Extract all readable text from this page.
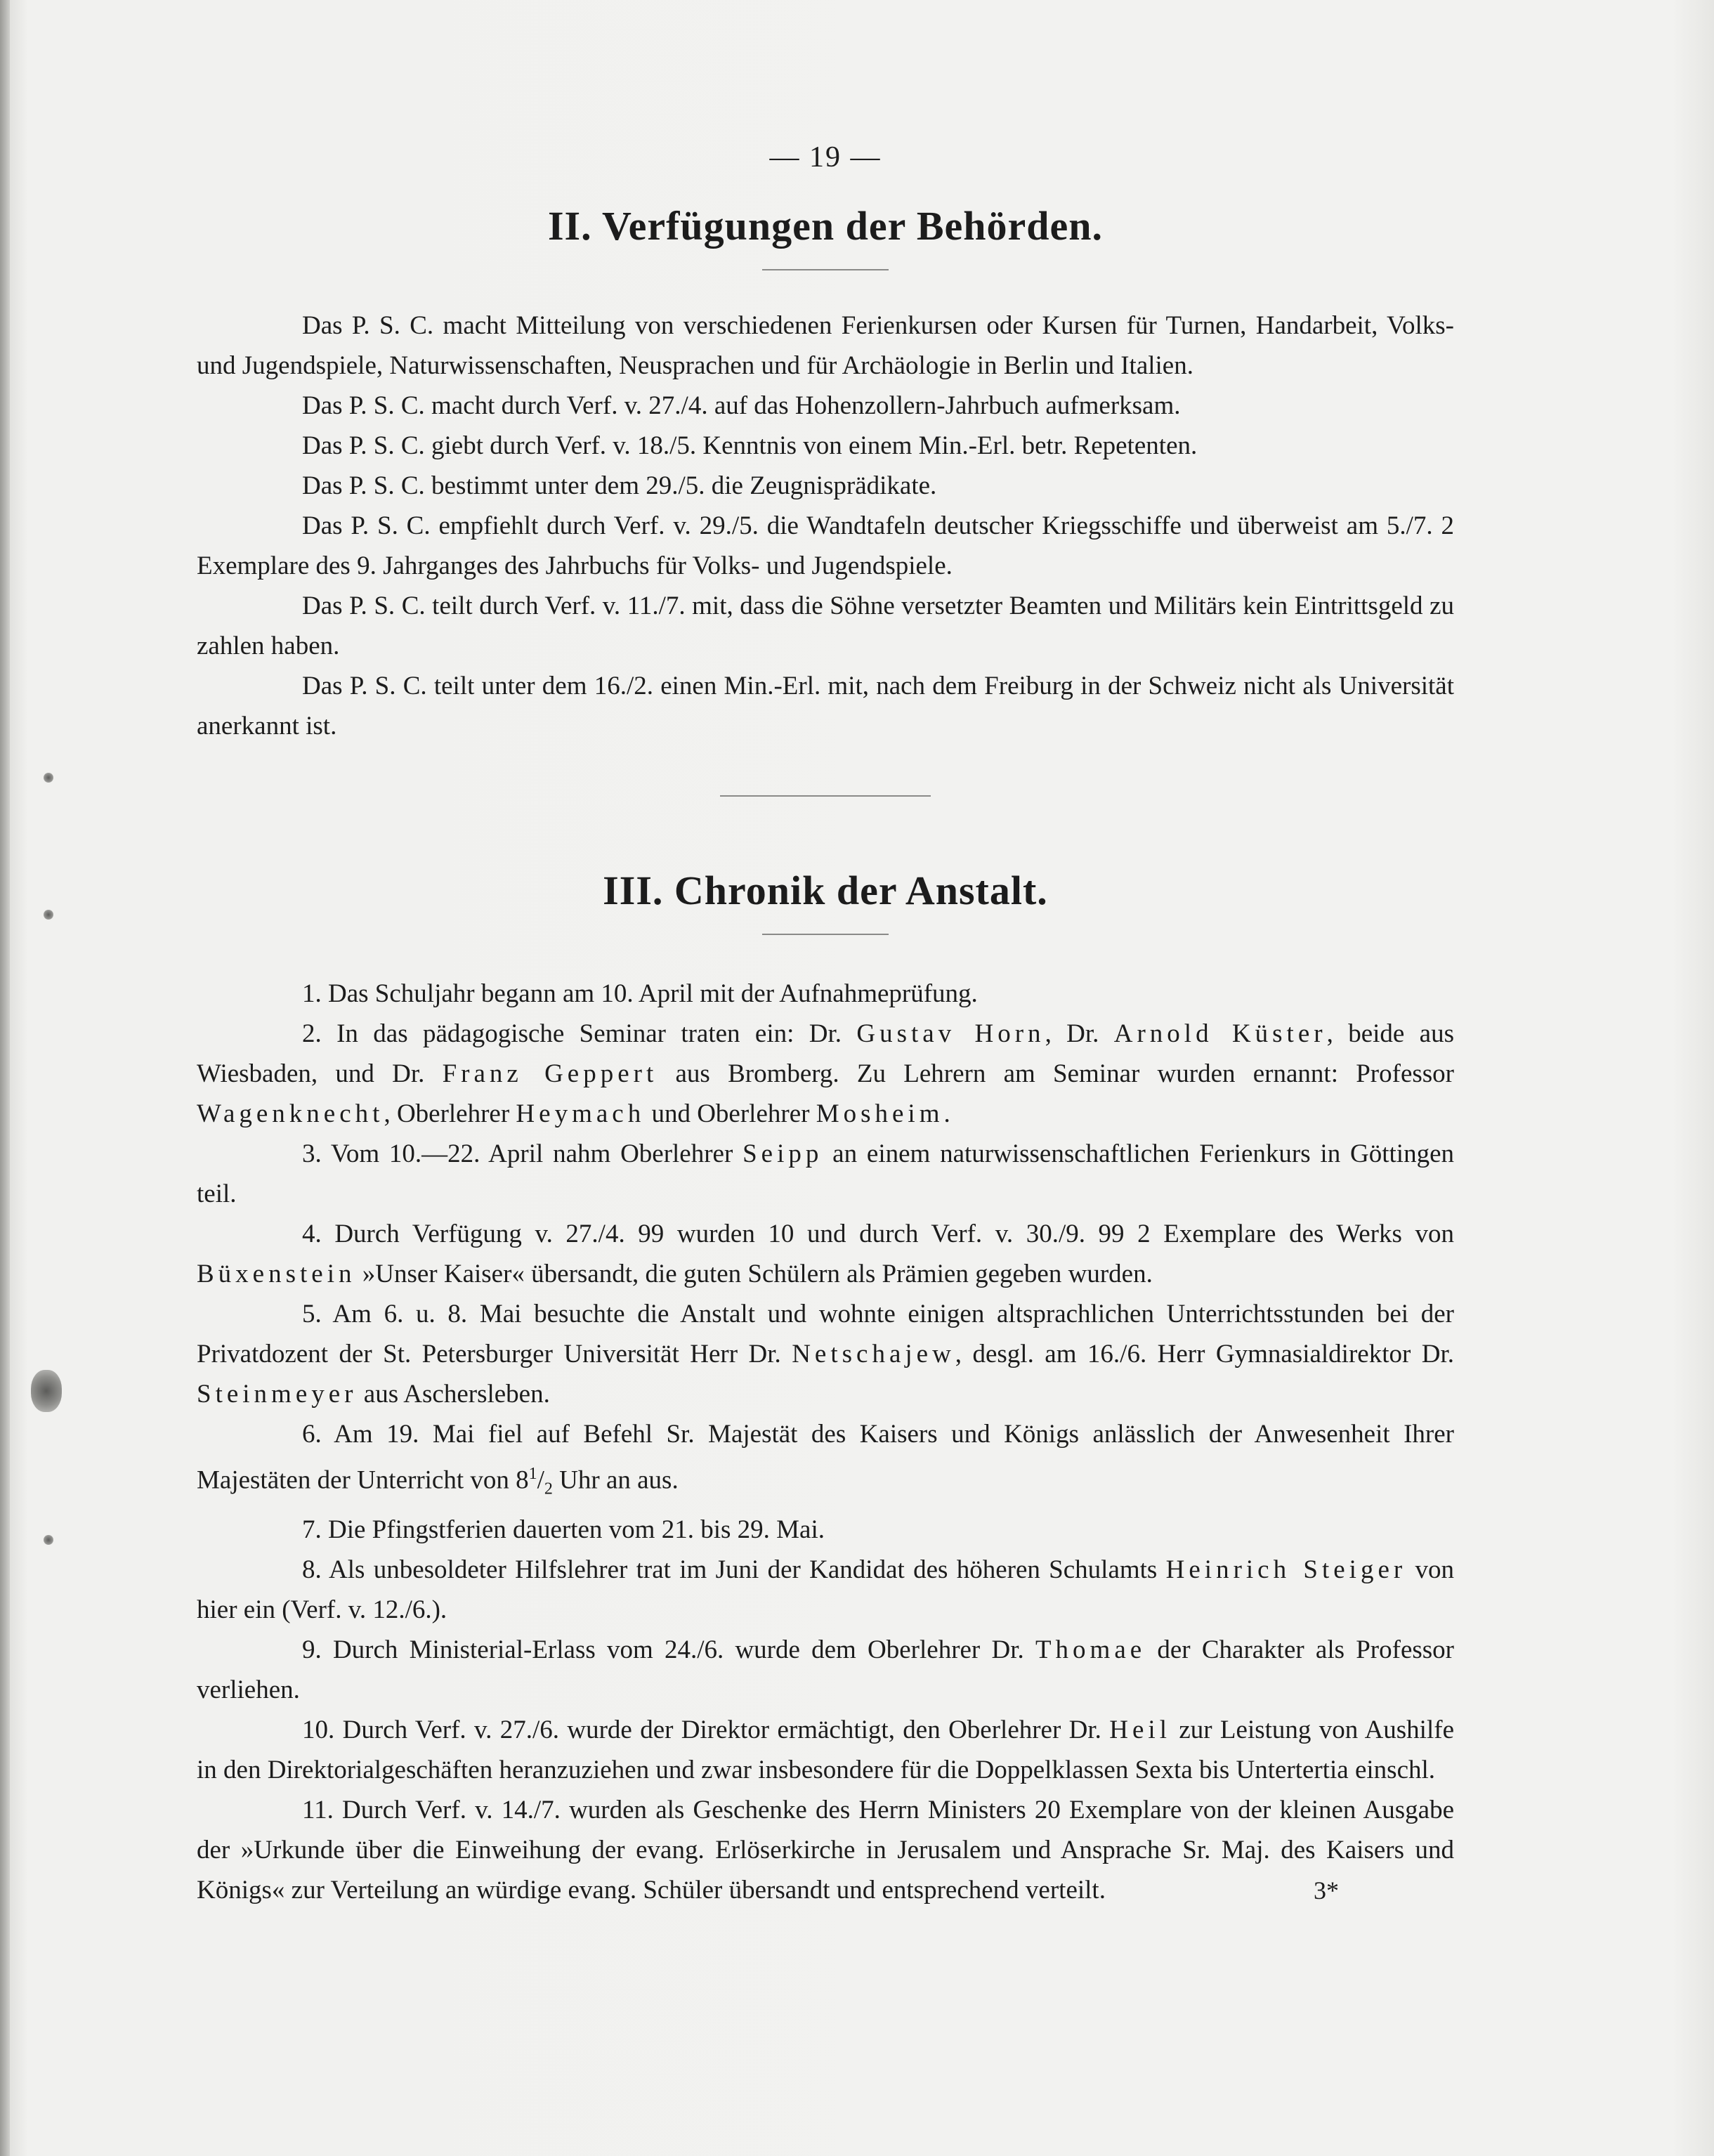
— 19 —
II. Verfügungen der Behörden.

Das P. S. C. macht Mitteilung von verschiedenen Ferienkursen oder Kursen für Turnen, Handarbeit, Volks- und Jugendspiele, Naturwissenschaften, Neusprachen und für Archäologie in Berlin und Italien.

Das P. S. C. macht durch Verf. v. 27./4. auf das Hohenzollern-Jahrbuch aufmerksam.

Das P. S. C. giebt durch Verf. v. 18./5. Kenntnis von einem Min.-Erl. betr. Repetenten.

Das P. S. C. bestimmt unter dem 29./5. die Zeugnisprädikate.

Das P. S. C. empfiehlt durch Verf. v. 29./5. die Wandtafeln deutscher Kriegsschiffe und überweist am 5./7. 2 Exemplare des 9. Jahrganges des Jahrbuchs für Volks- und Jugendspiele.

Das P. S. C. teilt durch Verf. v. 11./7. mit, dass die Söhne versetzter Beamten und Militärs kein Eintrittsgeld zu zahlen haben.

Das P. S. C. teilt unter dem 16./2. einen Min.-Erl. mit, nach dem Freiburg in der Schweiz nicht als Universität anerkannt ist.

III. Chronik der Anstalt.

1. Das Schuljahr begann am 10. April mit der Aufnahmeprüfung.

2. In das pädagogische Seminar traten ein: Dr. Gustav Horn, Dr. Arnold Küster, beide aus Wiesbaden, und Dr. Franz Geppert aus Bromberg. Zu Lehrern am Seminar wurden ernannt: Professor Wagenknecht, Oberlehrer Heymach und Oberlehrer Mosheim.

3. Vom 10.—22. April nahm Oberlehrer Seipp an einem naturwissenschaftlichen Ferienkurs in Göttingen teil.

4. Durch Verfügung v. 27./4. 99 wurden 10 und durch Verf. v. 30./9. 99 2 Exemplare des Werks von Büxenstein »Unser Kaiser« übersandt, die guten Schülern als Prämien gegeben wurden.

5. Am 6. u. 8. Mai besuchte die Anstalt und wohnte einigen altsprachlichen Unterrichtsstunden bei der Privatdozent der St. Petersburger Universität Herr Dr. Netschajew, desgl. am 16./6. Herr Gymnasialdirektor Dr. Steinmeyer aus Aschersleben.

6. Am 19. Mai fiel auf Befehl Sr. Majestät des Kaisers und Königs anlässlich der Anwesenheit Ihrer Majestäten der Unterricht von $8^1/_2$ Uhr an aus.

7. Die Pfingstferien dauerten vom 21. bis 29. Mai.

8. Als unbesoldeter Hilfslehrer trat im Juni der Kandidat des höheren Schulamts Heinrich Steiger von hier ein (Verf. v. 12./6.).

9. Durch Ministerial-Erlass vom 24./6. wurde dem Oberlehrer Dr. Thomae der Charakter als Professor verliehen.

10. Durch Verf. v. 27./6. wurde der Direktor ermächtigt, den Oberlehrer Dr. Heil zur Leistung von Aushilfe in den Direktorialgeschäften heranzuziehen und zwar insbesondere für die Doppelklassen Sexta bis Untertertia einschl.

11. Durch Verf. v. 14./7. wurden als Geschenke des Herrn Ministers 20 Exemplare von der kleinen Ausgabe der »Urkunde über die Einweihung der evang. Erlöserkirche in Jerusalem und Ansprache Sr. Maj. des Kaisers und Königs« zur Verteilung an würdige evang. Schüler übersandt und entsprechend verteilt.	3*
